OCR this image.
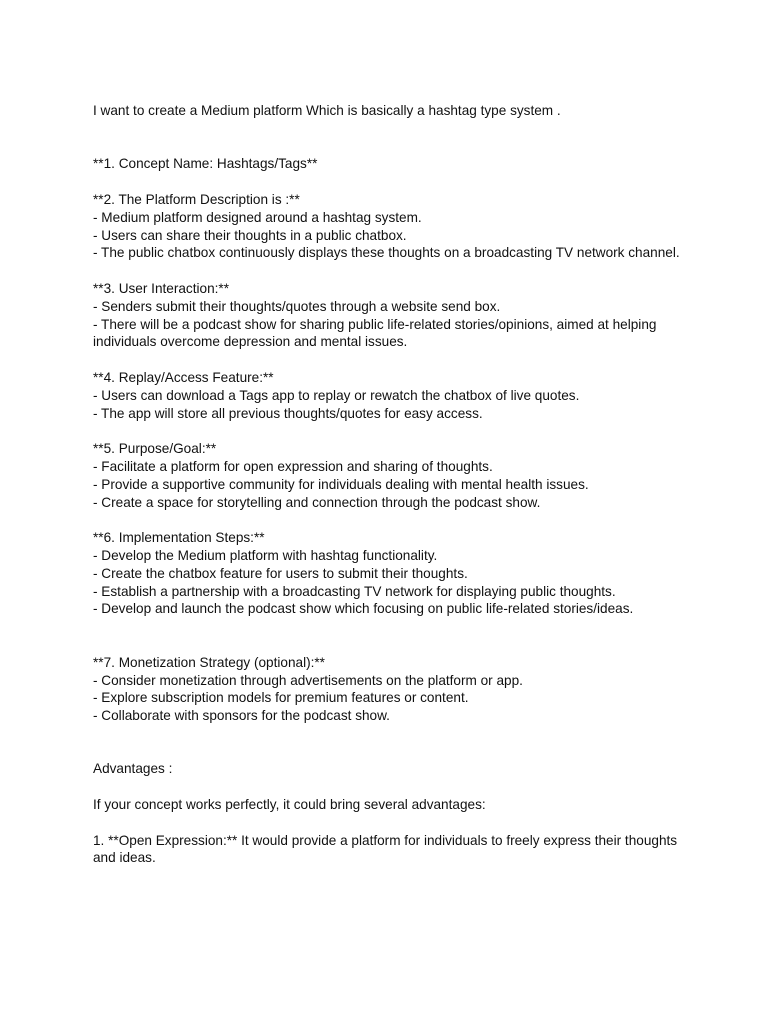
I want to create a Medium platform Which is basically a hashtag type system .

**1. Concept Name: Hashtags/Tags**

**2. The Platform Description is :**

- Medium platform designed around a hashtag system.

- Users can share their thoughts in a public chatbox.

- The public chatbox continuously displays these thoughts on a broadcasting TV network channel.

**3. User Interaction:**

- Senders submit their thoughts/quotes through a website send box.

- There will be a podcast show for sharing public life-related stories/opinions, aimed at helping individuals overcome depression and mental issues.

**4. Replay/Access Feature:**

- Users can download a Tags app to replay or rewatch the chatbox of live quotes.

- The app will store all previous thoughts/quotes for easy access.

**5. Purpose/Goal:**

- Facilitate a platform for open expression and sharing of thoughts.

- Provide a supportive community for individuals dealing with mental health issues.

- Create a space for storytelling and connection through the podcast show.

**6. Implementation Steps:**

- Develop the Medium platform with hashtag functionality.

- Create the chatbox feature for users to submit their thoughts.

- Establish a partnership with a broadcasting TV network for displaying public thoughts.

- Develop and launch the podcast show which focusing on public life-related stories/ideas.

**7. Monetization Strategy (optional):**

- Consider monetization through advertisements on the platform or app.

- Explore subscription models for premium features or content.

- Collaborate with sponsors for the podcast show.

Advantages :

If your concept works perfectly, it could bring several advantages:

1. **Open Expression:** It would provide a platform for individuals to freely express their thoughts and ideas.
